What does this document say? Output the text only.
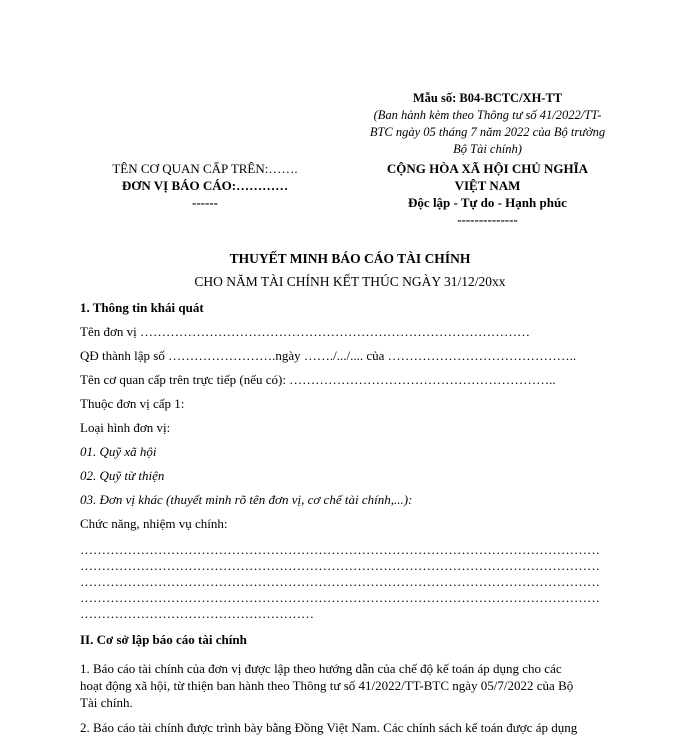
Mẫu số: B04-BCTC/XH-TT
(Ban hành kèm theo Thông tư số 41/2022/TT-
BTC ngày 05 tháng 7 năm 2022 của Bộ trưởng
Bộ Tài chính)
TÊN CƠ QUAN CẤP TRÊN:…….
ĐƠN VỊ BÁO CÁO:…………
------
CỘNG HÒA XÃ HỘI CHỦ NGHĨA
VIỆT NAM
Độc lập - Tự do - Hạnh phúc
--------------
THUYẾT MINH BÁO CÁO TÀI CHÍNH
CHO NĂM TÀI CHÍNH KẾT THÚC NGÀY 31/12/20xx
1. Thông tin khái quát
Tên đơn vị ………………………………………………………………………………
QĐ thành lập số …………………….ngày ……./.../.... của ……………………………………..
Tên cơ quan cấp trên trực tiếp (nếu có): ……………………………………………………..
Thuộc đơn vị cấp 1:
Loại hình đơn vị:
01. Quỹ xã hội
02. Quỹ từ thiện
03. Đơn vị khác (thuyết minh rõ tên đơn vị, cơ chế tài chính,...):
Chức năng, nhiệm vụ chính:
…………………………………………………………………………………………………………
…………………………………………………………………………………………………………
…………………………………………………………………………………………………………
…………………………………………………………………………………………………………
………………………………………………
II. Cơ sở lập báo cáo tài chính
1. Báo cáo tài chính của đơn vị được lập theo hướng dẫn của chế độ kế toán áp dụng cho các
hoạt động xã hội, từ thiện ban hành theo Thông tư số 41/2022/TT-BTC ngày 05/7/2022 của Bộ
Tài chính.
2. Báo cáo tài chính được trình bày bằng Đồng Việt Nam. Các chính sách kế toán được áp dụng
